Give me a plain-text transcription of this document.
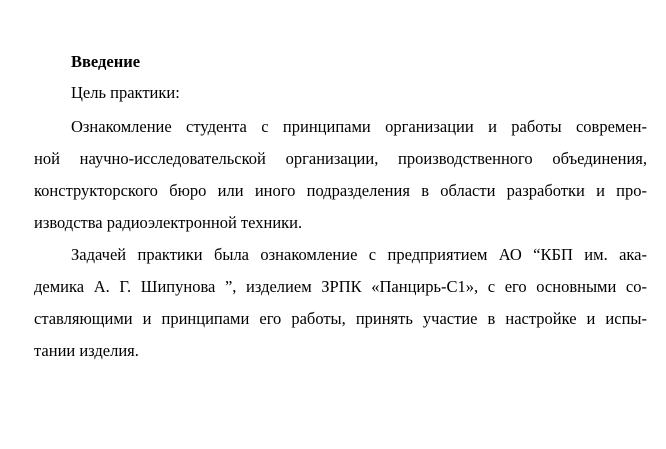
Введение
Цель практики:
Ознакомление студента с принципами организации и работы современ-
ной научно-исследовательской организации, производственного объединения,
конструкторского бюро или иного подразделения в области разработки и про-
изводства радиоэлектронной техники.
Задачей практики была ознакомление с предприятием АО “КБП им. ака-
демика А. Г. Шипунова ”, изделием ЗРПК «Панцирь-С1», с его основными со-
ставляющими и принципами его работы, принять участие в настройке и испы-
тании изделия.
